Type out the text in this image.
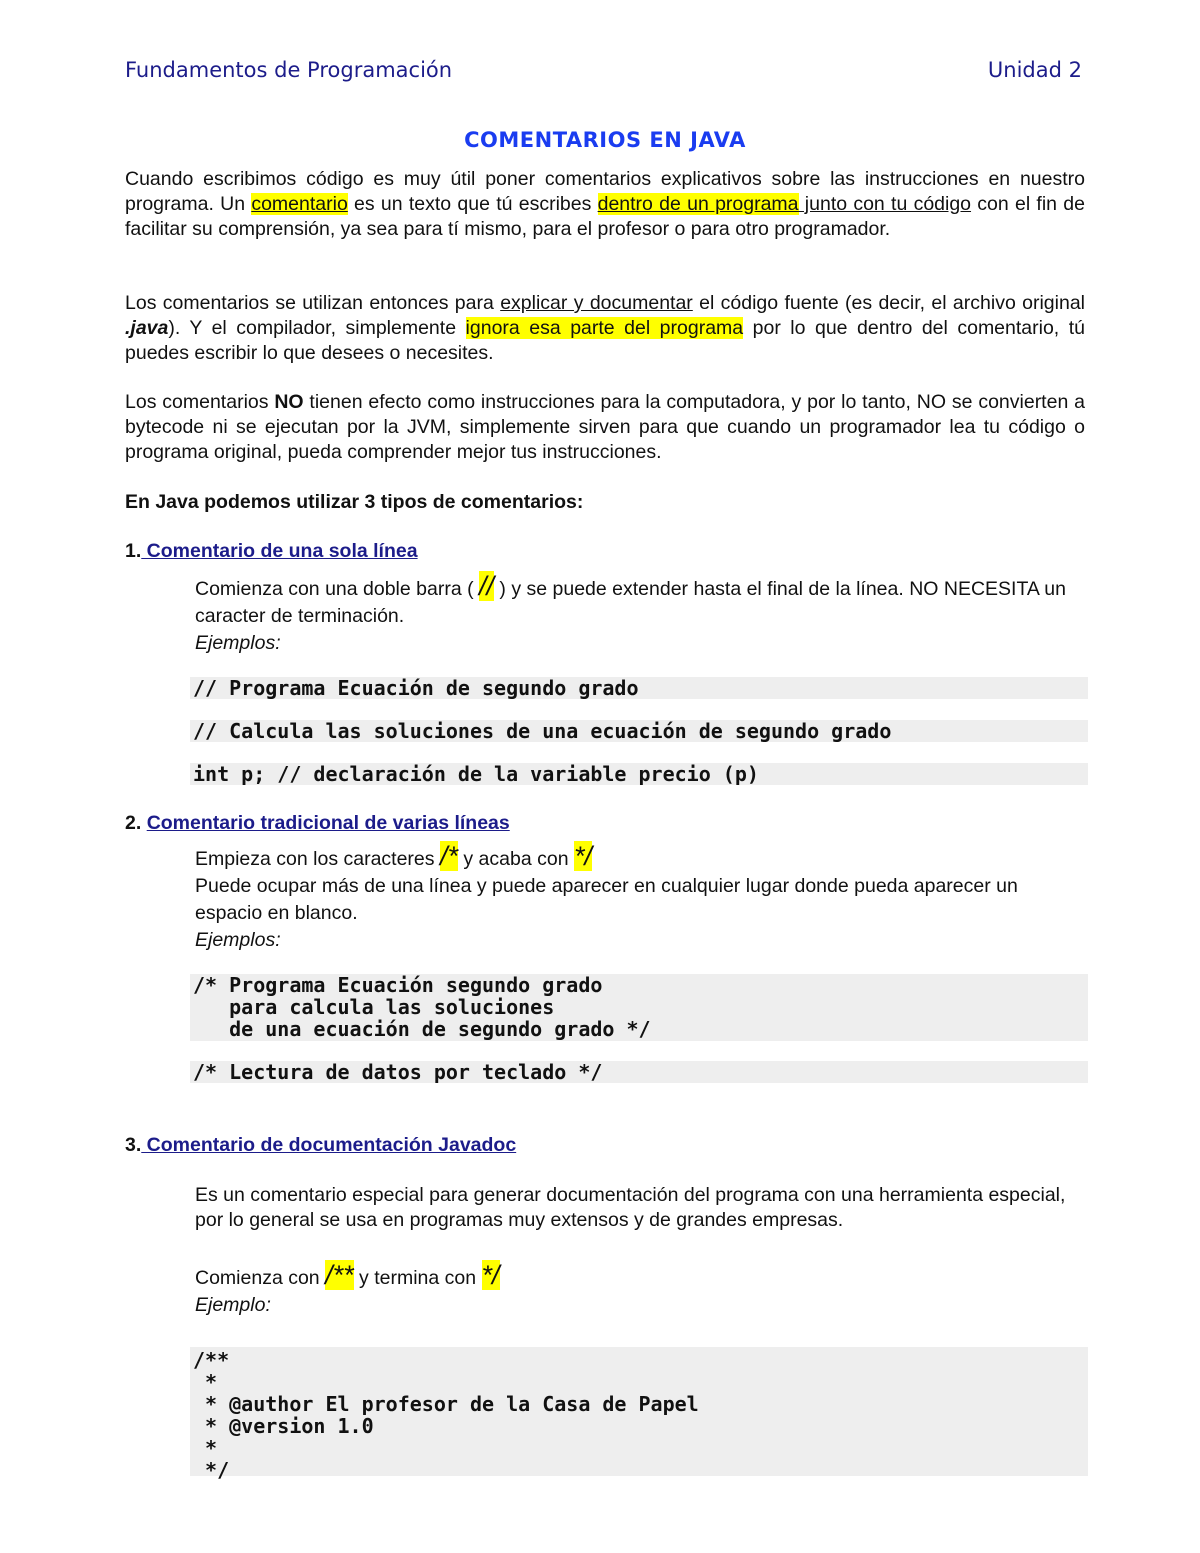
Fundamentos de Programación	Unidad 2
COMENTARIOS EN JAVA
Cuando escribimos código es muy útil poner comentarios explicativos sobre las instrucciones en nuestro programa. Un comentario es un texto que tú escribes dentro de un programa junto con tu código con el fin de facilitar su comprensión, ya sea para tí mismo, para el profesor o para otro programador.
Los comentarios se utilizan entonces para explicar y documentar el código fuente (es decir, el archivo original .java). Y el compilador, simplemente ignora esa parte del programa por lo que dentro del comentario, tú puedes escribir lo que desees o necesites.
Los comentarios NO tienen efecto como instrucciones para la computadora, y por lo tanto, NO se convierten a bytecode ni se ejecutan por la JVM, simplemente sirven para que cuando un programador lea tu código o programa original, pueda comprender mejor tus instrucciones.
En Java podemos utilizar 3 tipos de comentarios:
1. Comentario de una sola línea
Comienza con una doble barra ( // ) y se puede extender hasta el final de la línea. NO NECESITA un caracter de terminación.
Ejemplos:
// Programa Ecuación de segundo grado
// Calcula las soluciones de una ecuación de segundo grado
int p; // declaración de la variable precio (p)
2. Comentario tradicional de varias líneas
Empieza con los caracteres /* y acaba con */
Puede ocupar más de una línea y puede aparecer en cualquier lugar donde pueda aparecer un espacio en blanco.
Ejemplos:
/* Programa Ecuación segundo grado
para calcula las soluciones
de una ecuación de segundo grado */
/* Lectura de datos por teclado */
3. Comentario de documentación Javadoc
Es un comentario especial para generar documentación del programa con una herramienta especial, por lo general se usa en programas muy extensos y de grandes empresas.
Comienza con /** y termina con */
Ejemplo:
/**
*
* @author El profesor de la Casa de Papel
* @version 1.0
*
*/
